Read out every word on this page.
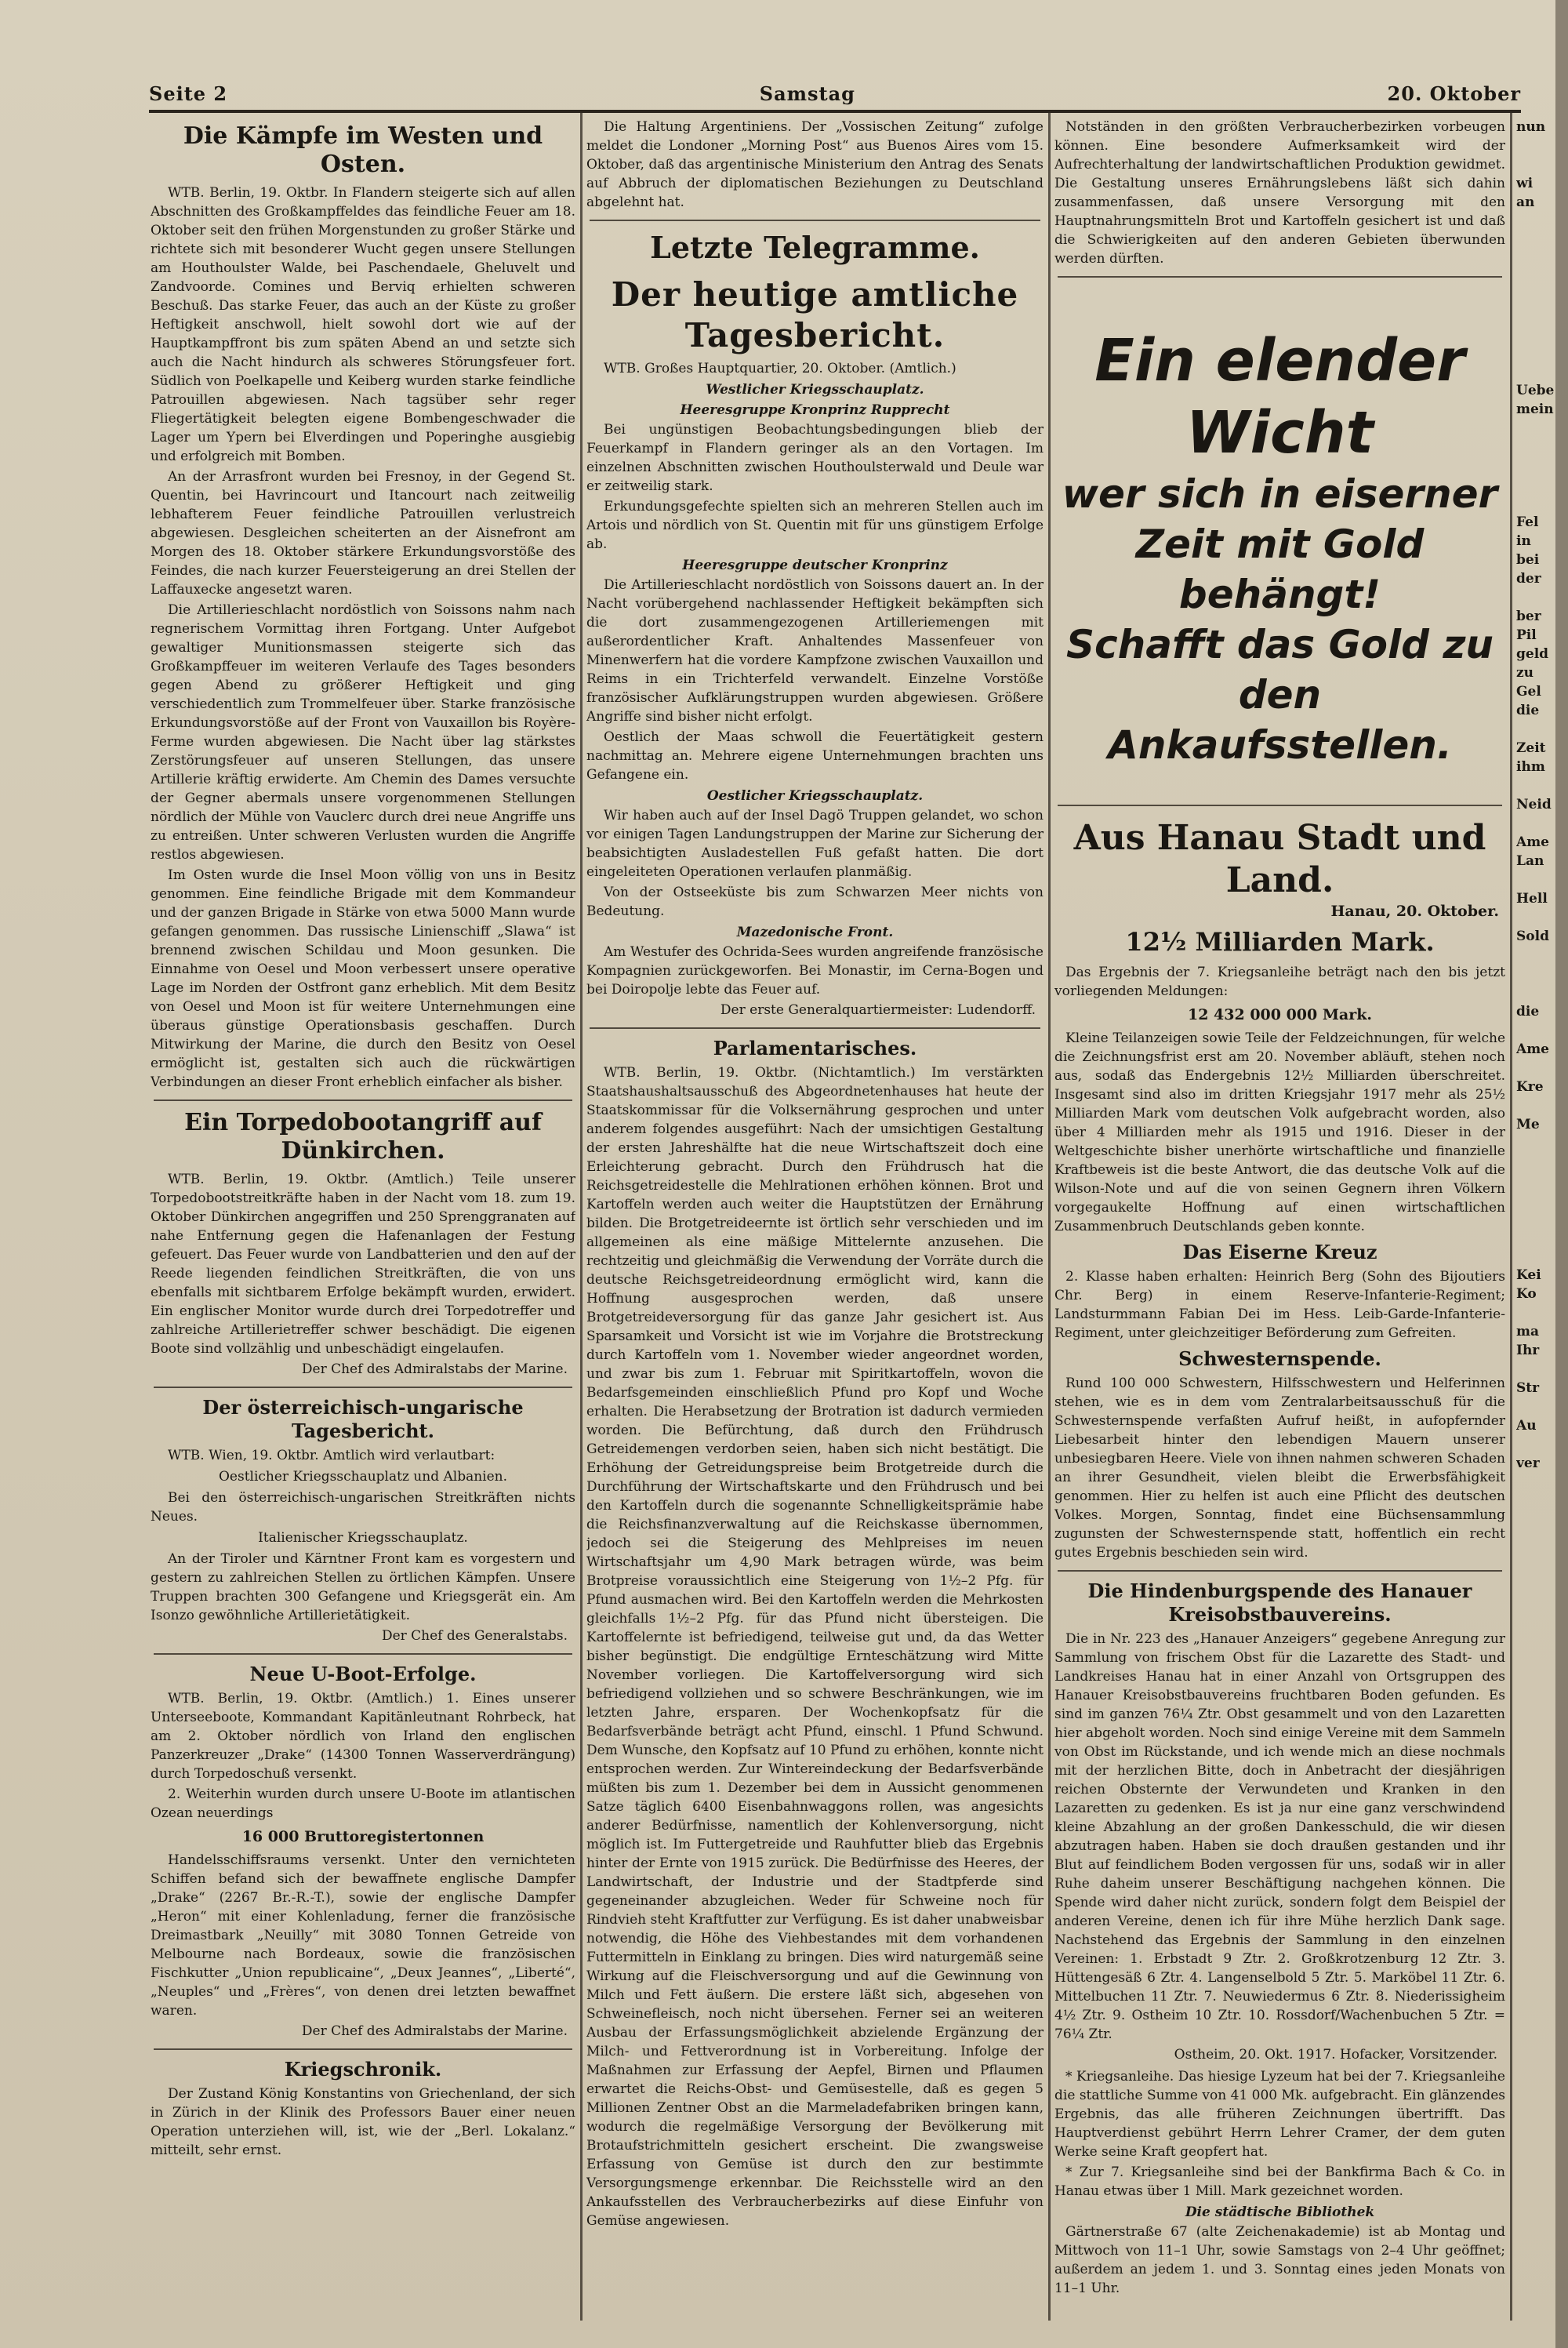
Seite 2	Samstag	20. Oktober
Die Kämpfe im Westen und Osten.

WTB. Berlin, 19. Oktbr. In Flandern steigerte sich auf allen Abschnitten des Großkampffeldes das feindliche Feuer am 18. Oktober seit den frühen Morgenstunden zu großer Stärke und richtete sich mit besonderer Wucht gegen unsere Stellungen am Houthoulster Walde, bei Paschendaele, Gheluvelt und Zandvoorde. Comines und Berviq erhielten schweren Beschuß. Das starke Feuer, das auch an der Küste zu großer Heftigkeit anschwoll, hielt sowohl dort wie auf der Hauptkampffront bis zum späten Abend an und setzte sich auch die Nacht hindurch als schweres Störungsfeuer fort. Südlich von Poelkapelle und Keiberg wurden starke feindliche Patrouillen abgewiesen. Nach tagsüber sehr reger Fliegertätigkeit belegten eigene Bombengeschwader die Lager um Ypern bei Elverdingen und Poperinghe ausgiebig und erfolgreich mit Bomben.

An der Arrasfront wurden bei Fresnoy, in der Gegend St. Quentin, bei Havrincourt und Itancourt nach zeitweilig lebhafterem Feuer feindliche Patrouillen verlustreich abgewiesen. Desgleichen scheiterten an der Aisnefront am Morgen des 18. Oktober stärkere Erkundungsvorstöße des Feindes, die nach kurzer Feuersteigerung an drei Stellen der Laffauxecke angesetzt waren.

Die Artillerieschlacht nordöstlich von Soissons nahm nach regnerischem Vormittag ihren Fortgang. Unter Aufgebot gewaltiger Munitionsmassen steigerte sich das Großkampffeuer im weiteren Verlaufe des Tages besonders gegen Abend zu größerer Heftigkeit und ging verschiedentlich zum Trommelfeuer über. Starke französische Erkundungsvorstöße auf der Front von Vauxaillon bis Royère-Ferme wurden abgewiesen. Die Nacht über lag stärkstes Zerstörungsfeuer auf unseren Stellungen, das unsere Artillerie kräftig erwiderte. Am Chemin des Dames versuchte der Gegner abermals unsere vorgenommenen Stellungen nördlich der Mühle von Vauclerc durch drei neue Angriffe uns zu entreißen. Unter schweren Verlusten wurden die Angriffe restlos abgewiesen.

Im Osten wurde die Insel Moon völlig von uns in Besitz genommen. Eine feindliche Brigade mit dem Kommandeur und der ganzen Brigade in Stärke von etwa 5000 Mann wurde gefangen genommen. Das russische Linienschiff „Slawa“ ist brennend zwischen Schildau und Moon gesunken. Die Einnahme von Oesel und Moon verbessert unsere operative Lage im Norden der Ostfront ganz erheblich. Mit dem Besitz von Oesel und Moon ist für weitere Unternehmungen eine überaus günstige Operationsbasis geschaffen. Durch Mitwirkung der Marine, die durch den Besitz von Oesel ermöglicht ist, gestalten sich auch die rückwärtigen Verbindungen an dieser Front erheblich einfacher als bisher.

Ein Torpedobootangriff auf Dünkirchen.

WTB. Berlin, 19. Oktbr. (Amtlich.) Teile unserer Torpedobootstreitkräfte haben in der Nacht vom 18. zum 19. Oktober Dünkirchen angegriffen und 250 Sprenggranaten auf nahe Entfernung gegen die Hafenanlagen der Festung gefeuert. Das Feuer wurde von Landbatterien und den auf der Reede liegenden feindlichen Streitkräften, die von uns ebenfalls mit sichtbarem Erfolge bekämpft wurden, erwidert. Ein englischer Monitor wurde durch drei Torpedotreffer und zahlreiche Artillerietreffer schwer beschädigt. Die eigenen Boote sind vollzählig und unbeschädigt eingelaufen.

Der Chef des Admiralstabs der Marine.
Der österreichisch-ungarische Tagesbericht.

WTB. Wien, 19. Oktbr. Amtlich wird verlautbart:

Oestlicher Kriegsschauplatz und Albanien.

Bei den österreichisch-ungarischen Streitkräften nichts Neues.

Italienischer Kriegsschauplatz.

An der Tiroler und Kärntner Front kam es vorgestern und gestern zu zahlreichen Stellen zu örtlichen Kämpfen. Unsere Truppen brachten 300 Gefangene und Kriegsgerät ein. Am Isonzo gewöhnliche Artillerietätigkeit.

Der Chef des Generalstabs.
Neue U-Boot-Erfolge.

WTB. Berlin, 19. Oktbr. (Amtlich.) 1. Eines unserer Unterseeboote, Kommandant Kapitänleutnant Rohrbeck, hat am 2. Oktober nördlich von Irland den englischen Panzerkreuzer „Drake“ (14300 Tonnen Wasserverdrängung) durch Torpedoschuß versenkt.

2. Weiterhin wurden durch unsere U-Boote im atlantischen Ozean neuerdings

16 000 Bruttoregistertonnen

Handelsschiffsraums versenkt. Unter den vernichteten Schiffen befand sich der bewaffnete englische Dampfer „Drake“ (2267 Br.-R.-T.), sowie der englische Dampfer „Heron“ mit einer Kohlenladung, ferner die französische Dreimastbark „Neuilly“ mit 3080 Tonnen Getreide von Melbourne nach Bordeaux, sowie die französischen Fischkutter „Union republicaine“, „Deux Jeannes“, „Liberté“, „Neuples“ und „Frères“, von denen drei letzten bewaffnet waren.

Der Chef des Admiralstabs der Marine.
Kriegschronik.

Der Zustand König Konstantins von Griechenland, der sich in Zürich in der Klinik des Professors Bauer einer neuen Operation unterziehen will, ist, wie der „Berl. Lokalanz.“ mitteilt, sehr ernst.

Die Haltung Argentiniens. Der „Vossischen Zeitung“ zufolge meldet die Londoner „Morning Post“ aus Buenos Aires vom 15. Oktober, daß das argentinische Ministerium den Antrag des Senats auf Abbruch der diplomatischen Beziehungen zu Deutschland abgelehnt hat.

Letzte Telegramme.
Der heutige amtliche Tagesbericht.

WTB. Großes Hauptquartier, 20. Oktober. (Amtlich.)

Westlicher Kriegsschauplatz.
Heeresgruppe Kronprinz Rupprecht

Bei ungünstigen Beobachtungsbedingungen blieb der Feuerkampf in Flandern geringer als an den Vortagen. Im einzelnen Abschnitten zwischen Houthoulsterwald und Deule war er zeitweilig stark.

Erkundungsgefechte spielten sich an mehreren Stellen auch im Artois und nördlich von St. Quentin mit für uns günstigem Erfolge ab.

Heeresgruppe deutscher Kronprinz

Die Artillerieschlacht nordöstlich von Soissons dauert an. In der Nacht vorübergehend nachlassender Heftigkeit bekämpften sich die dort zusammengezogenen Artilleriemengen mit außerordentlicher Kraft. Anhaltendes Massenfeuer von Minenwerfern hat die vordere Kampfzone zwischen Vauxaillon und Reims in ein Trichterfeld verwandelt. Einzelne Vorstöße französischer Aufklärungstruppen wurden abgewiesen. Größere Angriffe sind bisher nicht erfolgt.

Oestlich der Maas schwoll die Feuertätigkeit gestern nachmittag an. Mehrere eigene Unternehmungen brachten uns Gefangene ein.

Oestlicher Kriegsschauplatz.

Wir haben auch auf der Insel Dagö Truppen gelandet, wo schon vor einigen Tagen Landungstruppen der Marine zur Sicherung der beabsichtigten Ausladestellen Fuß gefaßt hatten. Die dort eingeleiteten Operationen verlaufen planmäßig.

Von der Ostseeküste bis zum Schwarzen Meer nichts von Bedeutung.

Mazedonische Front.

Am Westufer des Ochrida-Sees wurden angreifende französische Kompagnien zurückgeworfen. Bei Monastir, im Cerna-Bogen und bei Doiropolje lebte das Feuer auf.

Der erste Generalquartiermeister: Ludendorff.
Parlamentarisches.

WTB. Berlin, 19. Oktbr. (Nichtamtlich.) Im verstärkten Staatshaushaltsausschuß des Abgeordnetenhauses hat heute der Staatskommissar für die Volksernährung gesprochen und unter anderem folgendes ausgeführt: Nach der umsichtigen Gestaltung der ersten Jahreshälfte hat die neue Wirtschaftszeit doch eine Erleichterung gebracht. Durch den Frühdrusch hat die Reichsgetreidestelle die Mehlrationen erhöhen können. Brot und Kartoffeln werden auch weiter die Hauptstützen der Ernährung bilden. Die Brotgetreideernte ist örtlich sehr verschieden und im allgemeinen als eine mäßige Mittelernte anzusehen. Die rechtzeitig und gleichmäßig die Verwendung der Vorräte durch die deutsche Reichsgetreideordnung ermöglicht wird, kann die Hoffnung ausgesprochen werden, daß unsere Brotgetreideversorgung für das ganze Jahr gesichert ist. Aus Sparsamkeit und Vorsicht ist wie im Vorjahre die Brotstreckung durch Kartoffeln vom 1. November wieder angeordnet worden, und zwar bis zum 1. Februar mit Spiritkartoffeln, wovon die Bedarfsgemeinden einschließlich Pfund pro Kopf und Woche erhalten. Die Herabsetzung der Brotration ist dadurch vermieden worden. Die Befürchtung, daß durch den Frühdrusch Getreidemengen verdorben seien, haben sich nicht bestätigt. Die Erhöhung der Getreidungspreise beim Brotgetreide durch die Durchführung der Wirtschaftskarte und den Frühdrusch und bei den Kartoffeln durch die sogenannte Schnelligkeitsprämie habe die Reichsfinanzverwaltung auf die Reichskasse übernommen, jedoch sei die Steigerung des Mehlpreises im neuen Wirtschaftsjahr um 4,90 Mark betragen würde, was beim Brotpreise voraussichtlich eine Steigerung von 1½–2 Pfg. für Pfund ausmachen wird. Bei den Kartoffeln werden die Mehrkosten gleichfalls 1½–2 Pfg. für das Pfund nicht übersteigen. Die Kartoffelernte ist befriedigend, teilweise gut und, da das Wetter bisher begünstigt. Die endgültige Ernteschätzung wird Mitte November vorliegen. Die Kartoffelversorgung wird sich befriedigend vollziehen und so schwere Beschränkungen, wie im letzten Jahre, ersparen. Der Wochenkopfsatz für die Bedarfsverbände beträgt acht Pfund, einschl. 1 Pfund Schwund. Dem Wunsche, den Kopfsatz auf 10 Pfund zu erhöhen, konnte nicht entsprochen werden. Zur Wintereindeckung der Bedarfsverbände müßten bis zum 1. Dezember bei dem in Aussicht genommenen Satze täglich 6400 Eisenbahnwaggons rollen, was angesichts anderer Bedürfnisse, namentlich der Kohlenversorgung, nicht möglich ist. Im Futtergetreide und Rauhfutter blieb das Ergebnis hinter der Ernte von 1915 zurück. Die Bedürfnisse des Heeres, der Landwirtschaft, der Industrie und der Stadtpferde sind gegeneinander abzugleichen. Weder für Schweine noch für Rindvieh steht Kraftfutter zur Verfügung. Es ist daher unabweisbar notwendig, die Höhe des Viehbestandes mit dem vorhandenen Futtermitteln in Einklang zu bringen. Dies wird naturgemäß seine Wirkung auf die Fleischversorgung und auf die Gewinnung von Milch und Fett äußern. Die erstere läßt sich, abgesehen von Schweinefleisch, noch nicht übersehen. Ferner sei an weiteren Ausbau der Erfassungsmöglichkeit abzielende Ergänzung der Milch- und Fettverordnung ist in Vorbereitung. Infolge der Maßnahmen zur Erfassung der Aepfel, Birnen und Pflaumen erwartet die Reichs-Obst- und Gemüsestelle, daß es gegen 5 Millionen Zentner Obst an die Marmeladefabriken bringen kann, wodurch die regelmäßige Versorgung der Bevölkerung mit Brotaufstrichmitteln gesichert erscheint. Die zwangsweise Erfassung von Gemüse ist durch den zur bestimmte Versorgungsmenge erkennbar. Die Reichsstelle wird an den Ankaufsstellen des Verbraucherbezirks auf diese Einfuhr von Gemüse angewiesen.

Notständen in den größten Verbraucherbezirken vorbeugen können. Eine besondere Aufmerksamkeit wird der Aufrechterhaltung der landwirtschaftlichen Produktion gewidmet. Die Gestaltung unseres Ernährungslebens läßt sich dahin zusammenfassen, daß unsere Versorgung mit den Hauptnahrungsmitteln Brot und Kartoffeln gesichert ist und daß die Schwierigkeiten auf den anderen Gebieten überwunden werden dürften.

Ein elender Wicht
wer sich in eiserner
Zeit mit Gold behängt!
Schafft das Gold zu den
Ankaufsstellen.
Aus Hanau Stadt und Land.
Hanau, 20. Oktober.
12½ Milliarden Mark.

Das Ergebnis der 7. Kriegsanleihe beträgt nach den bis jetzt vorliegenden Meldungen:

12 432 000 000 Mark.

Kleine Teilanzeigen sowie Teile der Feldzeichnungen, für welche die Zeichnungsfrist erst am 20. November abläuft, stehen noch aus, sodaß das Endergebnis 12½ Milliarden überschreitet. Insgesamt sind also im dritten Kriegsjahr 1917 mehr als 25½ Milliarden Mark vom deutschen Volk aufgebracht worden, also über 4 Milliarden mehr als 1915 und 1916. Dieser in der Weltgeschichte bisher unerhörte wirtschaftliche und finanzielle Kraftbeweis ist die beste Antwort, die das deutsche Volk auf die Wilson-Note und auf die von seinen Gegnern ihren Völkern vorgegaukelte Hoffnung auf einen wirtschaftlichen Zusammenbruch Deutschlands geben konnte.

Das Eiserne Kreuz

2. Klasse haben erhalten: Heinrich Berg (Sohn des Bijoutiers Chr. Berg) in einem Reserve-Infanterie-Regiment; Landsturmmann Fabian Dei im Hess. Leib-Garde-Infanterie-Regiment, unter gleichzeitiger Beförderung zum Gefreiten.

Schwesternspende.

Rund 100 000 Schwestern, Hilfsschwestern und Helferinnen stehen, wie es in dem vom Zentralarbeitsausschuß für die Schwesternspende verfaßten Aufruf heißt, in aufopfernder Liebesarbeit hinter den lebendigen Mauern unserer unbesiegbaren Heere. Viele von ihnen nahmen schweren Schaden an ihrer Gesundheit, vielen bleibt die Erwerbsfähigkeit genommen. Hier zu helfen ist auch eine Pflicht des deutschen Volkes. Morgen, Sonntag, findet eine Büchsensammlung zugunsten der Schwesternspende statt, hoffentlich ein recht gutes Ergebnis beschieden sein wird.

Die Hindenburgspende des Hanauer Kreisobstbauvereins.

Die in Nr. 223 des „Hanauer Anzeigers“ gegebene Anregung zur Sammlung von frischem Obst für die Lazarette des Stadt- und Landkreises Hanau hat in einer Anzahl von Ortsgruppen des Hanauer Kreisobstbauvereins fruchtbaren Boden gefunden. Es sind im ganzen 76¼ Ztr. Obst gesammelt und von den Lazaretten hier abgeholt worden. Noch sind einige Vereine mit dem Sammeln von Obst im Rückstande, und ich wende mich an diese nochmals mit der herzlichen Bitte, doch in Anbetracht der diesjährigen reichen Obsternte der Verwundeten und Kranken in den Lazaretten zu gedenken. Es ist ja nur eine ganz verschwindend kleine Abzahlung an der großen Dankesschuld, die wir diesen abzutragen haben. Haben sie doch draußen gestanden und ihr Blut auf feindlichem Boden vergossen für uns, sodaß wir in aller Ruhe daheim unserer Beschäftigung nachgehen können. Die Spende wird daher nicht zurück, sondern folgt dem Beispiel der anderen Vereine, denen ich für ihre Mühe herzlich Dank sage. Nachstehend das Ergebnis der Sammlung in den einzelnen Vereinen: 1. Erbstadt 9 Ztr. 2. Großkrotzenburg 12 Ztr. 3. Hüttengesäß 6 Ztr. 4. Langenselbold 5 Ztr. 5. Marköbel 11 Ztr. 6. Mittelbuchen 11 Ztr. 7. Neuwiedermus 6 Ztr. 8. Niederissigheim 4½ Ztr. 9. Ostheim 10 Ztr. 10. Rossdorf/Wachenbuchen 5 Ztr. = 76¼ Ztr.

Ostheim, 20. Okt. 1917. Hofacker, Vorsitzender.

* Kriegsanleihe. Das hiesige Lyzeum hat bei der 7. Kriegsanleihe die stattliche Summe von 41 000 Mk. aufgebracht. Ein glänzendes Ergebnis, das alle früheren Zeichnungen übertrifft. Das Hauptverdienst gebührt Herrn Lehrer Cramer, der dem guten Werke seine Kraft geopfert hat.

* Zur 7. Kriegsanleihe sind bei der Bankfirma Bach & Co. in Hanau etwas über 1 Mill. Mark gezeichnet worden.

Die städtische Bibliothek

Gärtnerstraße 67 (alte Zeichenakademie) ist ab Montag und Mittwoch von 11–1 Uhr, sowie Samstags von 2–4 Uhr geöffnet; außerdem an jedem 1. und 3. Sonntag eines jeden Monats von 11–1 Uhr.

nun
wi
an
Uebe
mein
Fel
in
bei
der
ber
Pil
geld
zu
Gel
die
Zeit
ihm
Neid
Ame
Lan
Hell
Sold
die
Ame
Kre
Me
Kei
Ko
ma
Ihr
Str
Au
ver
